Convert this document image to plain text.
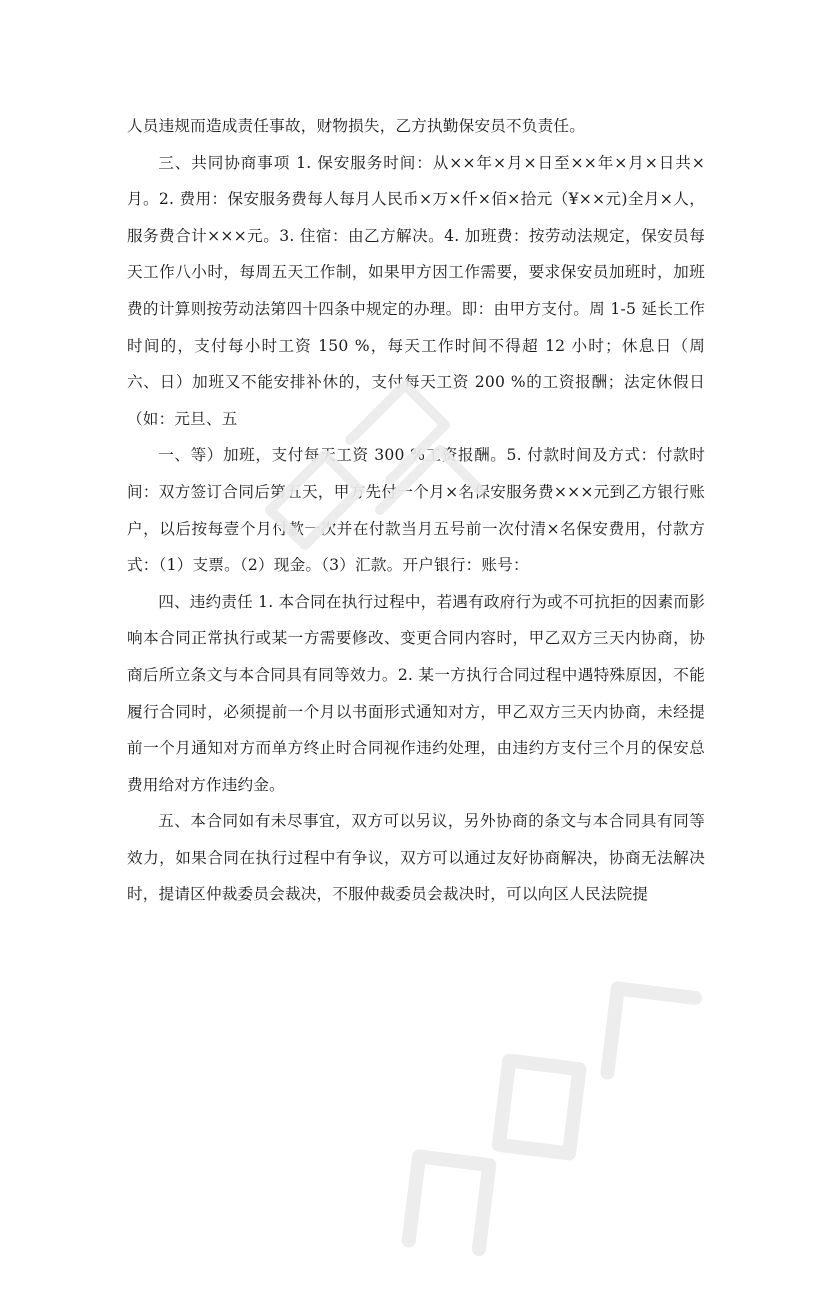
人员违规而造成责任事故，财物损失，乙方执勤保安员不负责任。

三、共同协商事项 1. 保安服务时间：从××年×月×日至××年×月×日共×月。2. 费用：保安服务费每人每月人民币×万×仟×佰×拾元（¥××元)全月×人，服务费合计×××元。3. 住宿：由乙方解决。4. 加班费：按劳动法规定，保安员每天工作八小时，每周五天工作制，如果甲方因工作需要，要求保安员加班时，加班费的计算则按劳动法第四十四条中规定的办理。即：由甲方支付。周 1-5 延长工作时间的，支付每小时工资 150 %，每天工作时间不得超 12 小时；休息日（周　六、日）加班又不能安排补休的，支付每天工资 200 %的工资报酬；法定休假日（如：元旦、五

一、等）加班，支付每天工资 300 %工资报酬。5. 付款时间及方式：付款时间：双方签订合同后第五天，甲方先付一个月×名保安服务费×××元到乙方银行账户，以后按每壹个月付款一次并在付款当月五号前一次付清×名保安费用，付款方式：（1）支票。（2）现金。（3）汇款。开户银行：账号：

四、违约责任 1. 本合同在执行过程中，若遇有政府行为或不可抗拒的因素而影响本合同正常执行或某一方需要修改、变更合同内容时，甲乙双方三天内协商，协商后所立条文与本合同具有同等效力。2. 某一方执行合同过程中遇特殊原因，不能履行合同时，必须提前一个月以书面形式通知对方，甲乙双方三天内协商，未经提前一个月通知对方而单方终止时合同视作违约处理，由违约方支付三个月的保安总费用给对方作违约金。

五、本合同如有未尽事宜，双方可以另议，另外协商的条文与本合同具有同等效力，如果合同在执行过程中有争议，双方可以通过友好协商解决，协商无法解决时，提请区仲裁委员会裁决，不服仲裁委员会裁决时，可以向区人民法院提
